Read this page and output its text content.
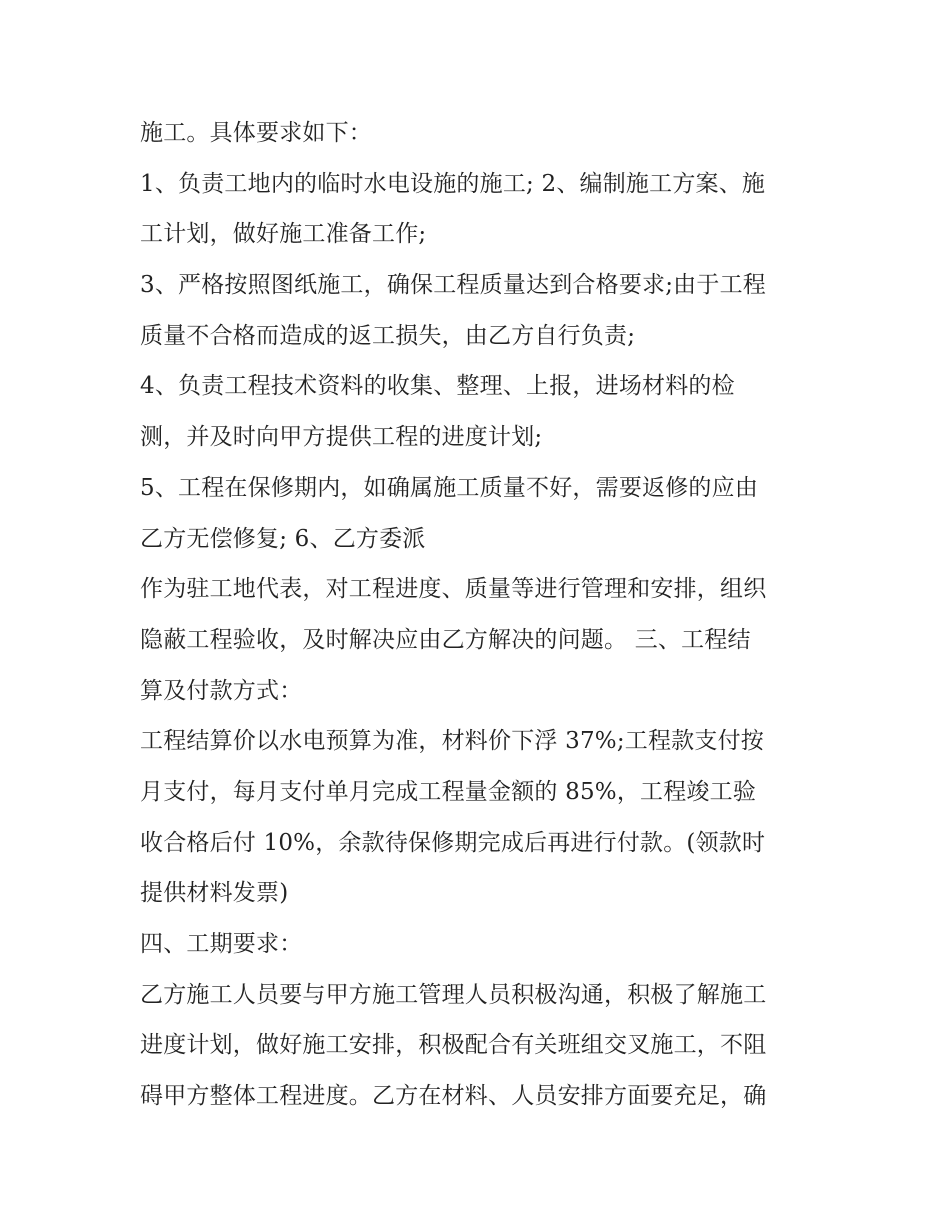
施工。具体要求如下：
1、负责工地内的临时水电设施的施工; 2、编制施工方案、施
工计划，做好施工准备工作;
3、严格按照图纸施工，确保工程质量达到合格要求;由于工程
质量不合格而造成的返工损失，由乙方自行负责;
4、负责工程技术资料的收集、整理、上报，进场材料的检
测，并及时向甲方提供工程的进度计划;
5、工程在保修期内，如确属施工质量不好，需要返修的应由
乙方无偿修复; 6、乙方委派
作为驻工地代表，对工程进度、质量等进行管理和安排，组织
隐蔽工程验收，及时解决应由乙方解决的问题。 三、工程结
算及付款方式：
工程结算价以水电预算为准，材料价下浮 37%;工程款支付按
月支付，每月支付单月完成工程量金额的 85%，工程竣工验
收合格后付 10%，余款待保修期完成后再进行付款。(领款时
提供材料发票)
四、工期要求：
乙方施工人员要与甲方施工管理人员积极沟通，积极了解施工
进度计划，做好施工安排，积极配合有关班组交叉施工，不阻
碍甲方整体工程进度。乙方在材料、人员安排方面要充足，确
